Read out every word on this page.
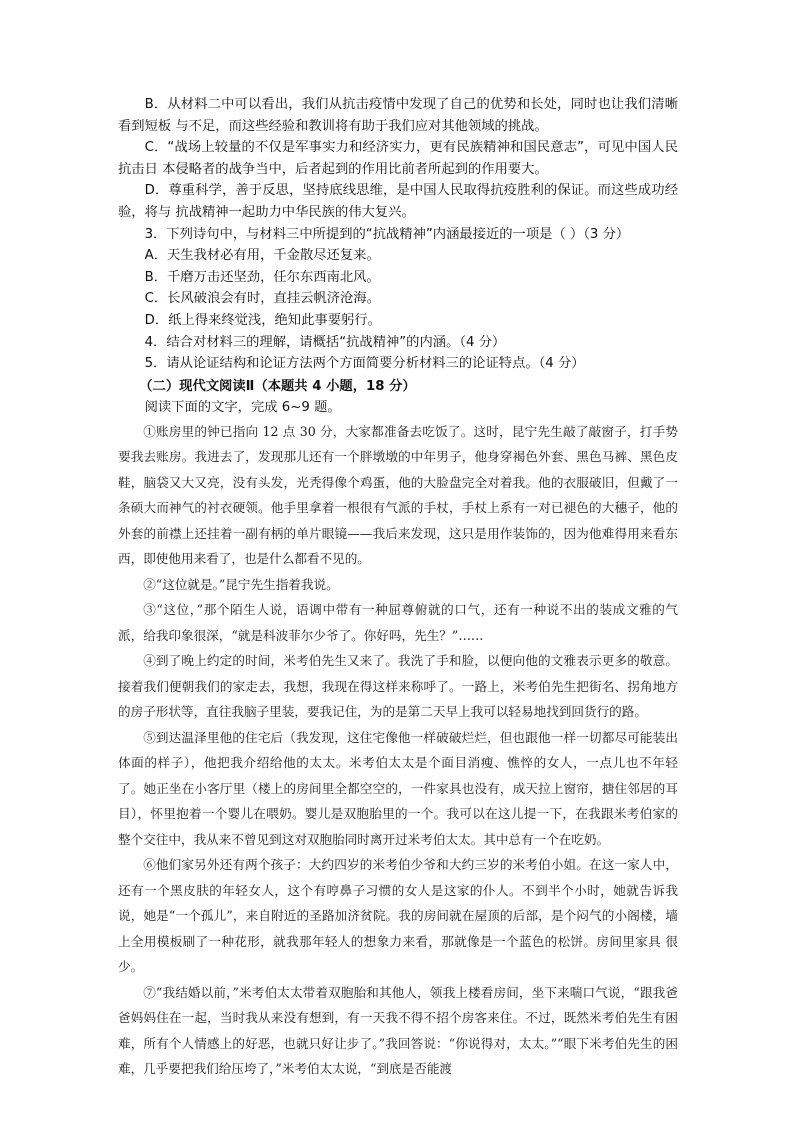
B．从材料二中可以看出，我们从抗击疫情中发现了自己的优势和长处，同时也让我们清晰看到短板 与不足，而这些经验和教训将有助于我们应对其他领域的挑战。

C．“战场上较量的不仅是军事实力和经济实力，更有民族精神和国民意志”，可见中国人民抗击日 本侵略者的战争当中，后者起到的作用比前者所起到的作用要大。

D．尊重科学，善于反思，坚持底线思维，是中国人民取得抗疫胜利的保证。而这些成功经验，将与 抗战精神一起助力中华民族的伟大复兴。

3．下列诗句中，与材料三中所提到的“抗战精神”内涵最接近的一项是（ ）（3 分）

A．天生我材必有用，千金散尽还复来。

B．千磨万击还坚劲，任尔东西南北风。

C．长风破浪会有时，直挂云帆济沧海。

D．纸上得来终觉浅，绝知此事要躬行。

4．结合对材料三的理解，请概括“抗战精神”的内涵。（4 分）

5．请从论证结构和论证方法两个方面简要分析材料三的论证特点。（4 分）

（二）现代文阅读Ⅱ（本题共 4 小题，18 分）

阅读下面的文字，完成 6~9 题。

①账房里的钟已指向 12 点 30 分，大家都准备去吃饭了。这时，昆宁先生敲了敲窗子，打手势要我去账房。我进去了，发现那儿还有一个胖墩墩的中年男子，他身穿褐色外套、黑色马裤、黑色皮鞋，脑袋又大又亮，没有头发，光秃得像个鸡蛋，他的大脸盘完全对着我。他的衣服破旧，但戴了一条硕大而神气的衬衣硬领。他手里拿着一根很有气派的手杖，手杖上系有一对已褪色的大穗子，他的外套的前襟上还挂着一副有柄的单片眼镜——我后来发现，这只是用作装饰的，因为他难得用来看东西，即使他用来看了，也是什么都看不见的。

②“这位就是。”昆宁先生指着我说。

③“这位，”那个陌生人说，语调中带有一种屈尊俯就的口气，还有一种说不出的装成文雅的气派，给我印象很深，“就是科波菲尔少爷了。你好吗，先生？”……

④到了晚上约定的时间，米考伯先生又来了。我洗了手和脸，以便向他的文雅表示更多的敬意。接着我们便朝我们的家走去，我想，我现在得这样来称呼了。一路上，米考伯先生把街名、拐角地方的房子形状等，直往我脑子里装，要我记住，为的是第二天早上我可以轻易地找到回货行的路。

⑤到达温泽里他的住宅后（我发现，这住宅像他一样破破烂烂，但也跟他一样一切都尽可能装出体面的样子），他把我介绍给他的太太。米考伯太太是个面目消瘦、憔悴的女人，一点儿也不年轻了。她正坐在小客厅里（楼上的房间里全都空空的，一件家具也没有，成天拉上窗帘，搪住邻居的耳目），怀里抱着一个婴儿在喂奶。婴儿是双胞胎里的一个。我可以在这儿提一下，在我跟米考伯家的整个交往中，我从来不曾见到这对双胞胎同时离开过米考伯太太。其中总有一个在吃奶。

⑥他们家另外还有两个孩子：大约四岁的米考伯少爷和大约三岁的米考伯小姐。在这一家人中，还有一个黑皮肤的年轻女人，这个有哼鼻子习惯的女人是这家的仆人。不到半个小时，她就告诉我说，她是“一个孤儿”，来自附近的圣路加济贫院。我的房间就在屋顶的后部，是个闷气的小阁楼，墙上全用模板刷了一种花形，就我那年轻人的想象力来看，那就像是一个蓝色的松饼。房间里家具 很少。

⑦“我结婚以前，”米考伯太太带着双胞胎和其他人，领我上楼看房间，坐下来喘口气说，“跟我爸爸妈妈住在一起，当时我从来没有想到，有一天我不得不招个房客来住。不过，既然米考伯先生有困难，所有个人情感上的好恶，也就只好让步了。”我回答说：“你说得对，太太。”“眼下米考伯先生的困难，几乎要把我们给压垮了，”米考伯太太说，“到底是否能渡
